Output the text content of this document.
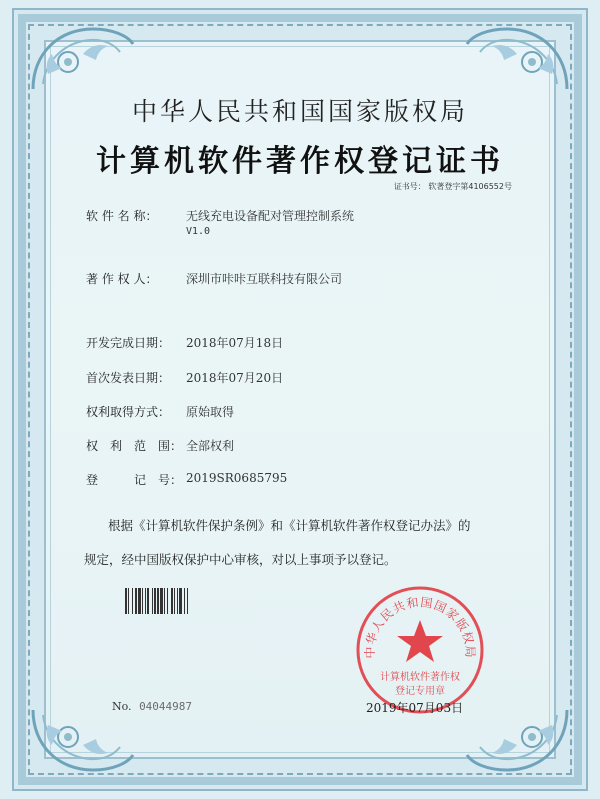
中华人民共和国国家版权局
计算机软件著作权登记证书
证书号： 软著登字第4106552号
软 件 名 称：	无线充电设备配对管理控制系统
V1.0
著 作 权 人：	深圳市咔咔互联科技有限公司
开发完成日期：	2018年07月18日
首次发表日期：	2018年07月20日
权利取得方式：	原始取得
权　利　范　围： 全部权利
登　　　记　号： 2019SR0685795
根据《计算机软件保护条例》和《计算机软件著作权登记办法》的
规定，经中国版权保护中心审核，对以上事项予以登记。
中华人民共和国国家版权局
计算机软件著作权
登记专用章
No. 04044987	2019年07月03日
